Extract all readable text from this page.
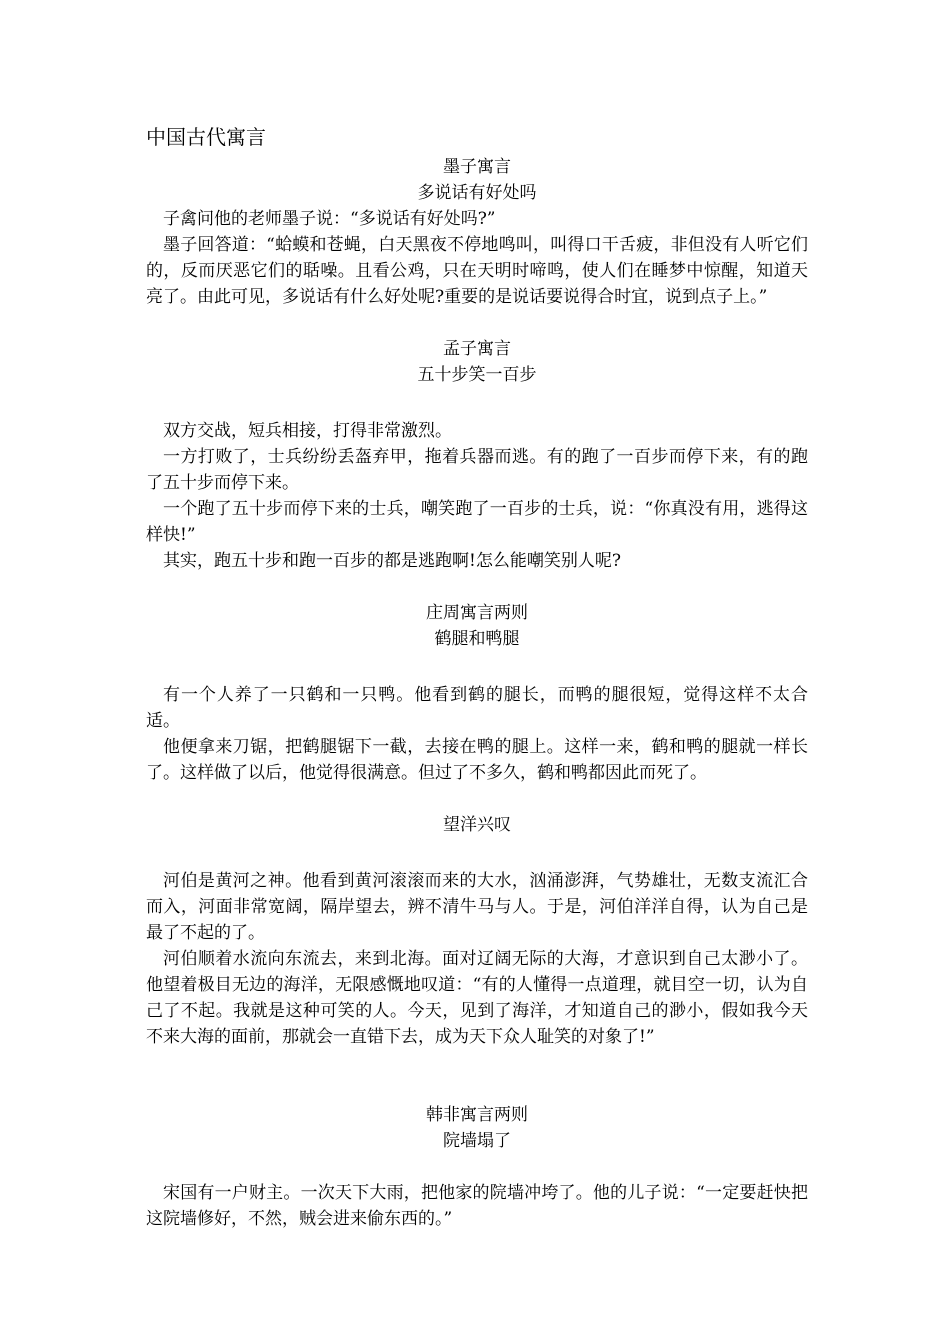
中国古代寓言
墨子寓言
多说话有好处吗

子禽问他的老师墨子说：“多说话有好处吗?”

墨子回答道：“蛤蟆和苍蝇，白天黑夜不停地鸣叫，叫得口干舌疲，非但没有人听它们的，反而厌恶它们的聒噪。且看公鸡，只在天明时啼鸣，使人们在睡梦中惊醒，知道天亮了。由此可见，多说话有什么好处呢?重要的是说话要说得合时宜，说到点子上。”

孟子寓言
五十步笑一百步

双方交战，短兵相接，打得非常激烈。

一方打败了，士兵纷纷丢盔弃甲，拖着兵器而逃。有的跑了一百步而停下来，有的跑了五十步而停下来。

一个跑了五十步而停下来的士兵，嘲笑跑了一百步的士兵，说：“你真没有用，逃得这样快!”

其实，跑五十步和跑一百步的都是逃跑啊!怎么能嘲笑别人呢?

庄周寓言两则
鹤腿和鸭腿

有一个人养了一只鹤和一只鸭。他看到鹤的腿长，而鸭的腿很短，觉得这样不太合适。

他便拿来刀锯，把鹤腿锯下一截，去接在鸭的腿上。这样一来，鹤和鸭的腿就一样长了。这样做了以后，他觉得很满意。但过了不多久，鹤和鸭都因此而死了。

望洋兴叹

河伯是黄河之神。他看到黄河滚滚而来的大水，汹涌澎湃，气势雄壮，无数支流汇合而入，河面非常宽阔，隔岸望去，辨不清牛马与人。于是，河伯洋洋自得，认为自己是最了不起的了。

河伯顺着水流向东流去，来到北海。面对辽阔无际的大海，才意识到自己太渺小了。他望着极目无边的海洋，无限感慨地叹道：“有的人懂得一点道理，就目空一切，认为自己了不起。我就是这种可笑的人。今天，见到了海洋，才知道自己的渺小，假如我今天不来大海的面前，那就会一直错下去，成为天下众人耻笑的对象了!”

韩非寓言两则
院墙塌了

宋国有一户财主。一次天下大雨，把他家的院墙冲垮了。他的儿子说：“一定要赶快把这院墙修好，不然，贼会进来偷东西的。”
